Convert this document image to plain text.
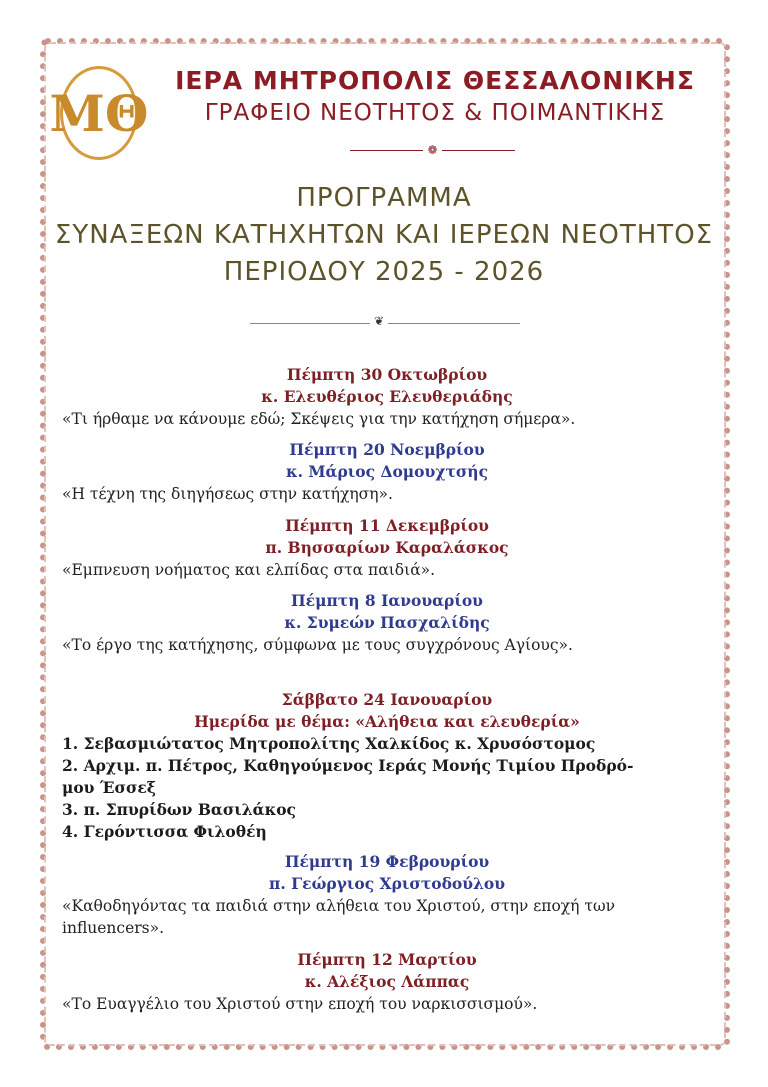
ΜΘ
ΙΕΡΑ ΜΗΤΡΟΠΟΛΙΣ ΘΕΣΣΑΛΟΝΙΚΗΣ
ΓΡΑΦΕΙΟ ΝΕΟΤΗΤΟΣ & ΠΟΙΜΑΝΤΙΚΗΣ
❁
ΠΡΟΓΡΑΜΜΑ
ΣΥΝΑΞΕΩΝ ΚΑΤΗΧΗΤΩΝ ΚΑΙ ΙΕΡΕΩΝ ΝΕΟΤΗΤΟΣ
ΠΕΡΙΟΔΟΥ 2025 - 2026
❦
Πέμπτη 30 Οκτωβρίου
κ. Ελευθέριος Ελευθεριάδης
«Τι ήρθαμε να κάνουμε εδώ; Σκέψεις για την κατήχηση σήμερα».
Πέμπτη 20 Νοεμβρίου
κ. Μάριος Δομουχτσής
«Η τέχνη της διηγήσεως στην κατήχηση».
Πέμπτη 11 Δεκεμβρίου
π. Βησσαρίων Καραλάσκος
«Εμπνευση νοήματος και ελπίδας στα παιδιά».
Πέμπτη 8 Ιανουαρίου
κ. Συμεών Πασχαλίδης
«Το έργο της κατήχησης, σύμφωνα με τους συγχρόνους Αγίους».
Σάββατο 24 Ιανουαρίου
Ημερίδα με θέμα: «Αλήθεια και ελευθερία»
1. Σεβασμιώτατος Μητροπολίτης Χαλκίδος κ. Χρυσόστομος
2. Αρχιμ. π. Πέτρος, Καθηγούμενος Ιεράς Μονής Τιμίου Προδρό-
μου Έσσεξ
3. π. Σπυρίδων Βασιλάκος
4. Γερόντισσα Φιλοθέη
Πέμπτη 19 Φεβρουρίου
π. Γεώργιος Χριστοδούλου
«Καθοδηγόντας τα παιδιά στην αλήθεια του Χριστού, στην εποχή των
influencers».
Πέμπτη 12 Μαρτίου
κ. Αλέξιος Λάππας
«Το Ευαγγέλιο του Χριστού στην εποχή του ναρκισσισμού».
